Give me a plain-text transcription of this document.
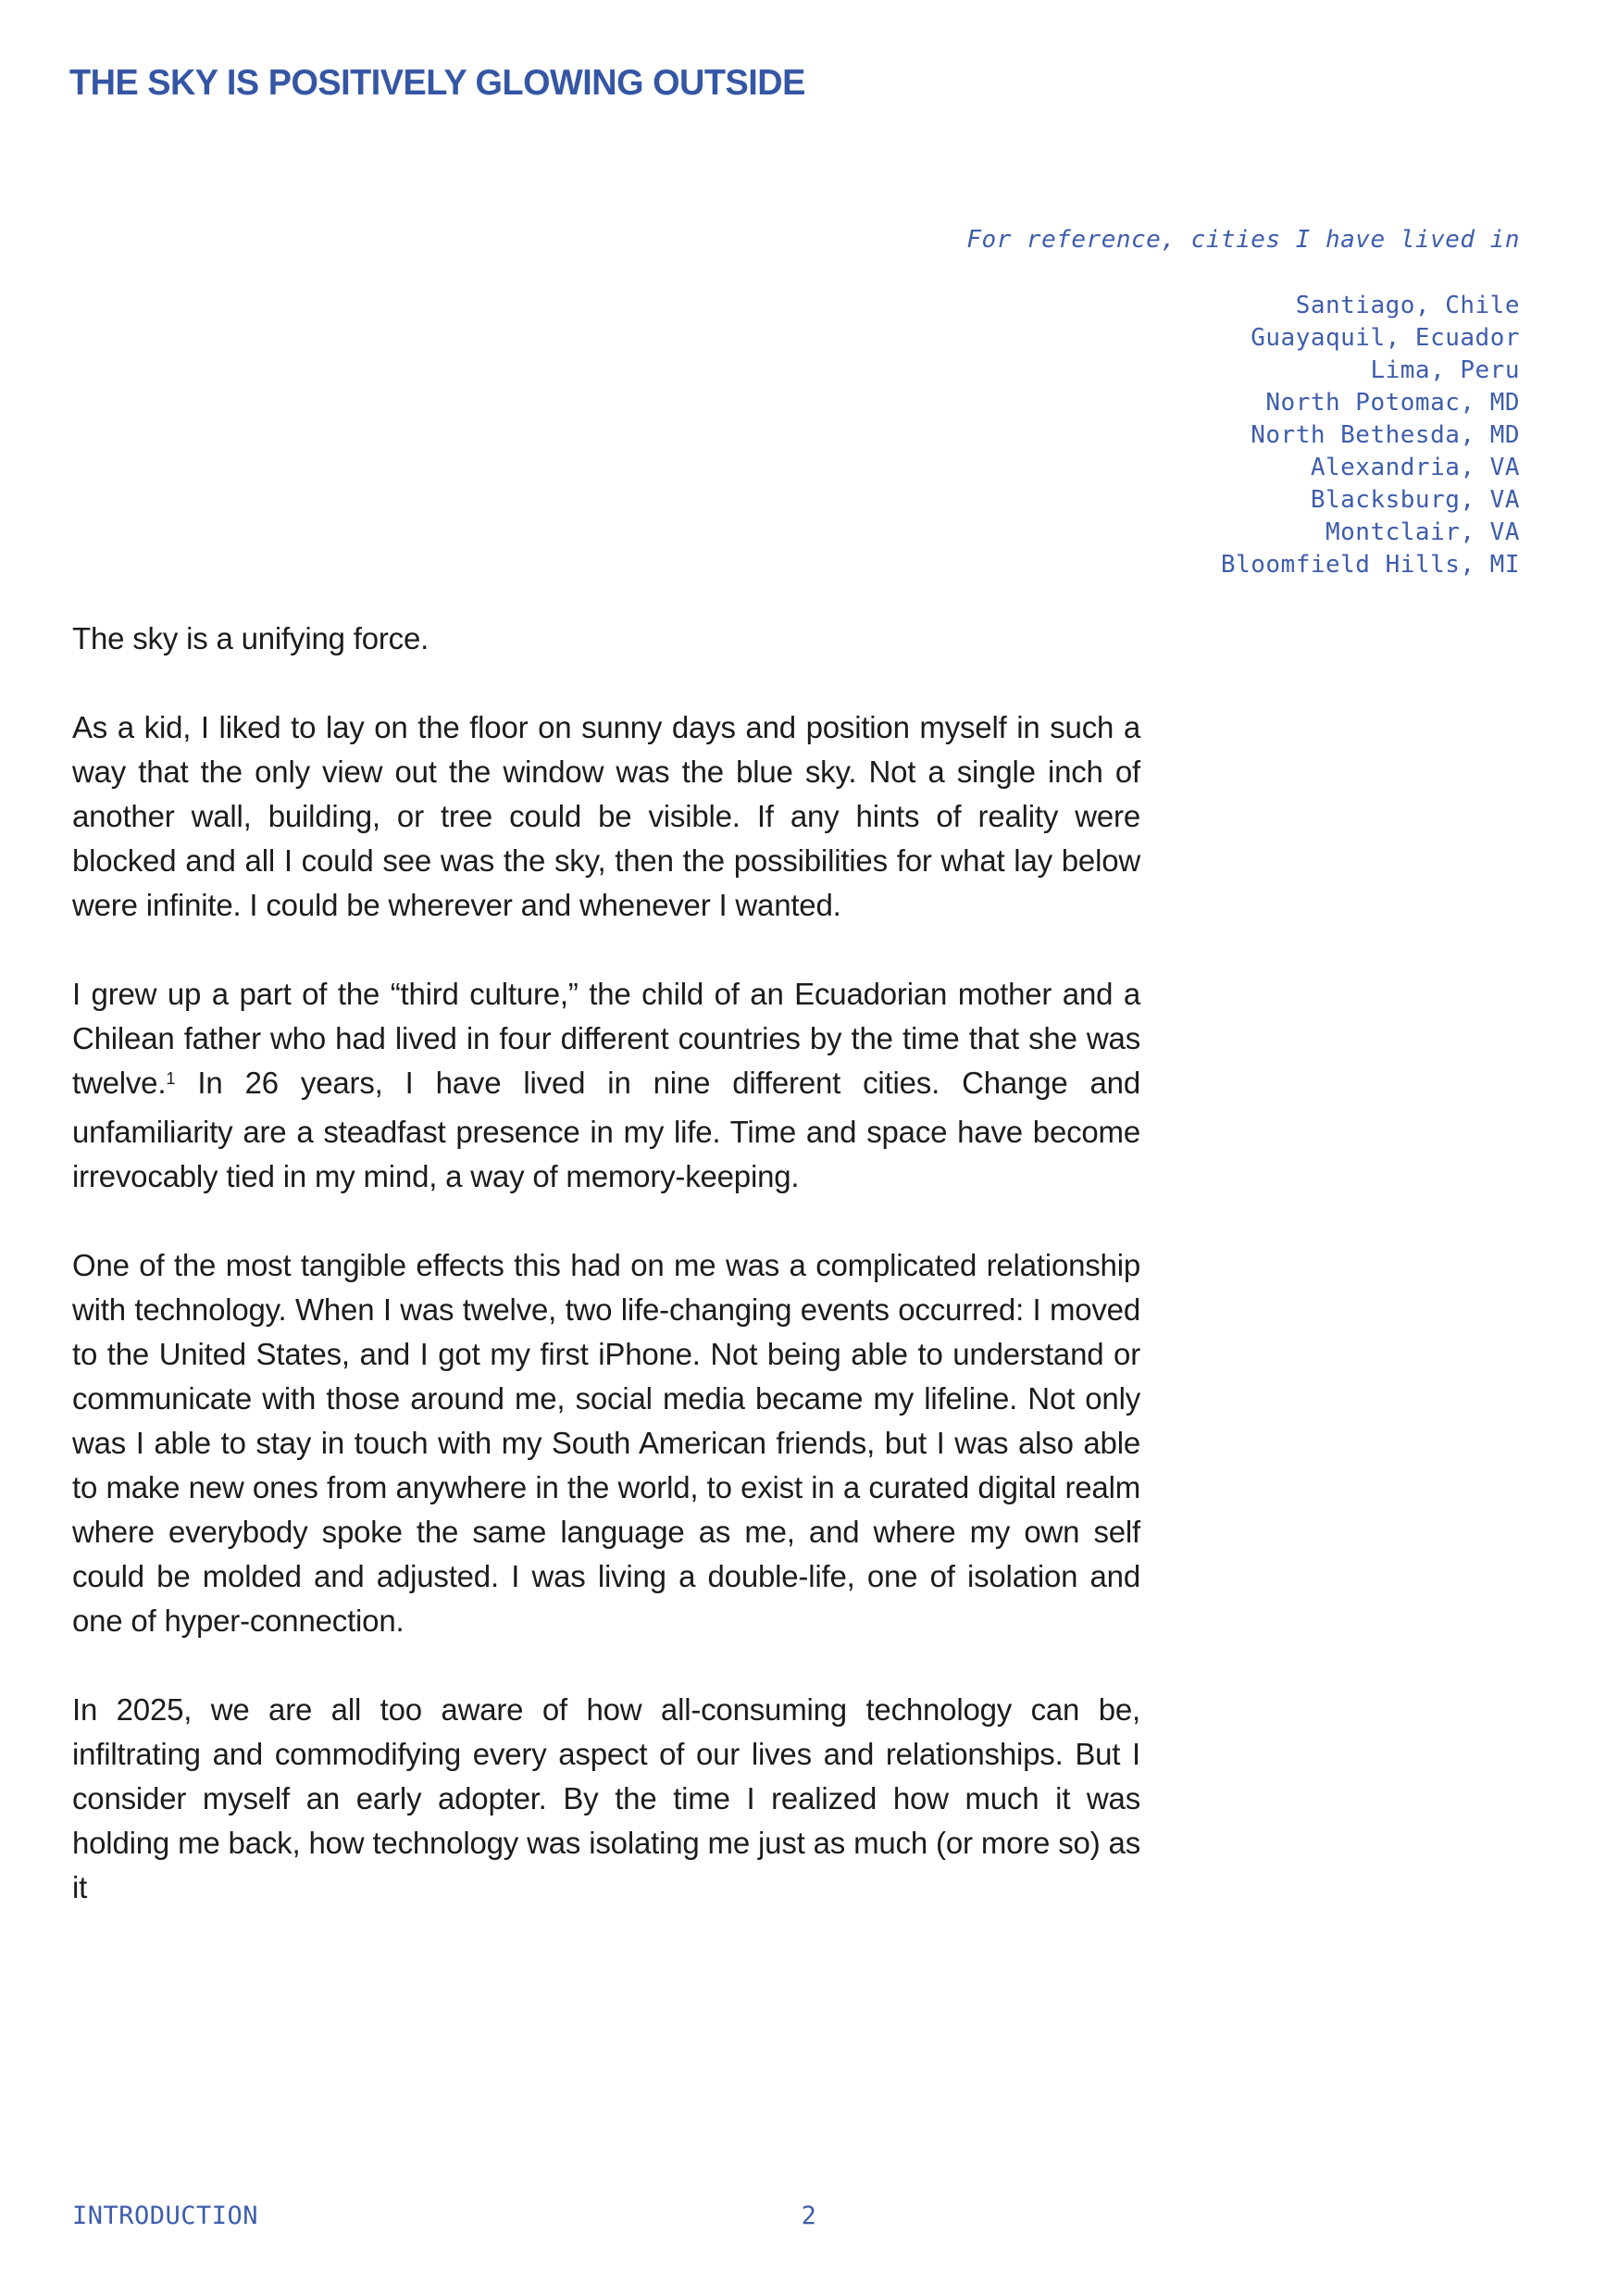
THE SKY IS POSITIVELY GLOWING OUTSIDE
For reference, cities I have lived in
Santiago, Chile
Guayaquil, Ecuador
Lima, Peru
North Potomac, MD
North Bethesda, MD
Alexandria, VA
Blacksburg, VA
Montclair, VA
Bloomfield Hills, MI

The sky is a unifying force.

As a kid, I liked to lay on the floor on sunny days and position myself in such a way that the only view out the window was the blue sky. Not a single inch of another wall, building, or tree could be visible. If any hints of reality were blocked and all I could see was the sky, then the possibilities for what lay below were infinite. I could be wherever and whenever I wanted.

I grew up a part of the “third culture,” the child of an Ecuadorian mother and a Chilean father who had lived in four different countries by the time that she was twelve.$^1$ In 26 years, I have lived in nine different cities. Change and unfamiliarity are a steadfast presence in my life. Time and space have become irrevocably tied in my mind, a way of memory-keeping.

One of the most tangible effects this had on me was a complicated relationship with technology. When I was twelve, two life-changing events occurred: I moved to the United States, and I got my first iPhone. Not being able to understand or communicate with those around me, social media became my lifeline. Not only was I able to stay in touch with my South American friends, but I was also able to make new ones from anywhere in the world, to exist in a curated digital realm where everybody spoke the same language as me, and where my own self could be molded and adjusted. I was living a double-life, one of isolation and one of hyper-connection.

In 2025, we are all too aware of how all-consuming technology can be, infiltrating and commodifying every aspect of our lives and relationships. But I consider myself an early adopter. By the time I realized how much it was holding me back, how technology was isolating me just as much (or more so) as it

INTRODUCTION	2
